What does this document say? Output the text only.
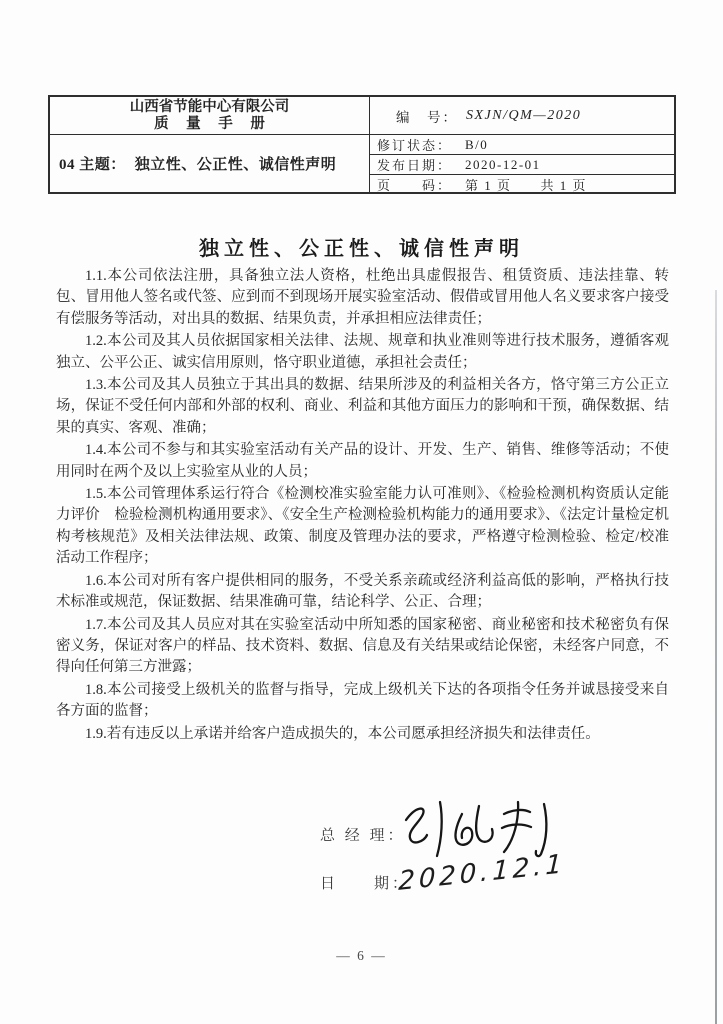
山西省节能中心有限公司
质 量 手 册	编　号： SXJN/QM—2020
04 主题： 独立性、公正性、诚信性声明
修订状态：	B/0
发布日期：	2020-12-01
页　　码：	第 1 页　　共 1 页
独立性、公正性、诚信性声明

1.1.本公司依法注册，具备独立法人资格，杜绝出具虚假报告、租赁资质、违法挂靠、转包、冒用他人签名或代签、应到而不到现场开展实验室活动、假借或冒用他人名义要求客户接受有偿服务等活动，对出具的数据、结果负责，并承担相应法律责任；

1.2.本公司及其人员依据国家相关法律、法规、规章和执业准则等进行技术服务，遵循客观独立、公平公正、诚实信用原则，恪守职业道德，承担社会责任；

1.3.本公司及其人员独立于其出具的数据、结果所涉及的利益相关各方，恪守第三方公正立场，保证不受任何内部和外部的权利、商业、利益和其他方面压力的影响和干预，确保数据、结果的真实、客观、准确；

1.4.本公司不参与和其实验室活动有关产品的设计、开发、生产、销售、维修等活动；不使用同时在两个及以上实验室从业的人员；

1.5.本公司管理体系运行符合《检测校准实验室能力认可准则》、《检验检测机构资质认定能力评价　检验检测机构通用要求》、《安全生产检测检验机构能力的通用要求》、《法定计量检定机构考核规范》及相关法律法规、政策、制度及管理办法的要求，严格遵守检测检验、检定/校准活动工作程序；

1.6.本公司对所有客户提供相同的服务，不受关系亲疏或经济利益高低的影响，严格执行技术标准或规范，保证数据、结果准确可靠，结论科学、公正、合理；

1.7.本公司及其人员应对其在实验室活动中所知悉的国家秘密、商业秘密和技术秘密负有保密义务，保证对客户的样品、技术资料、数据、信息及有关结果或结论保密，未经客户同意，不得向任何第三方泄露；

1.8.本公司接受上级机关的监督与指导，完成上级机关下达的各项指令任务并诚恳接受来自各方面的监督；

1.9.若有违反以上承诺并给客户造成损失的，本公司愿承担经济损失和法律责任。

总 经 理：
日　　期：
2020.12.1
— 6 —
